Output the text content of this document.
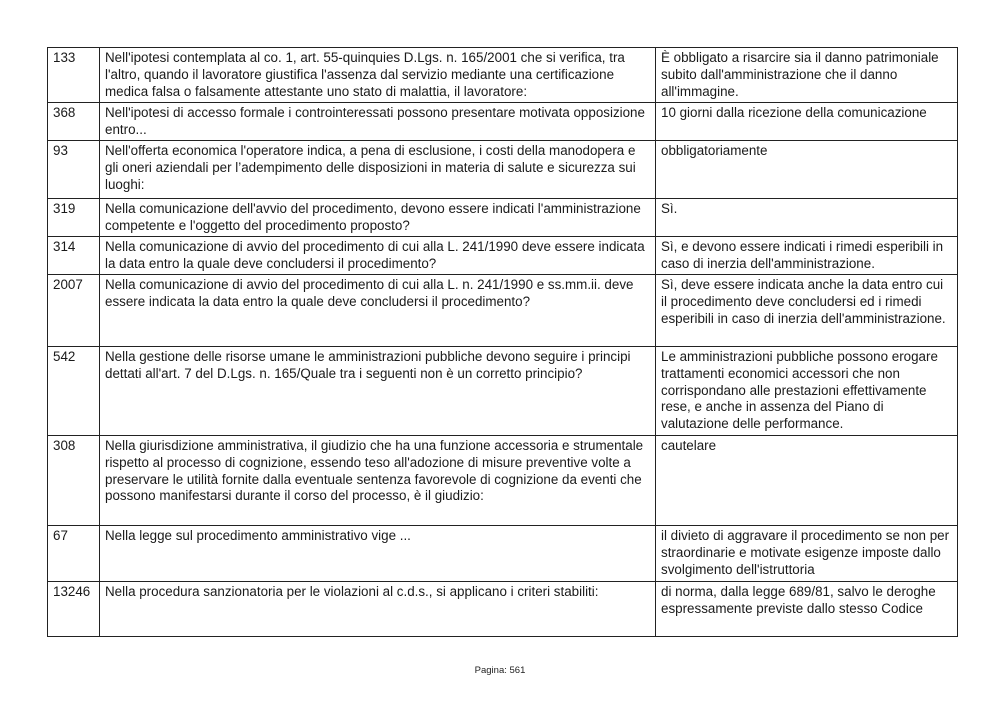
133	Nell'ipotesi contemplata al co. 1, art. 55-quinquies D.Lgs. n. 165/2001 che si verifica, tra l'altro, quando il lavoratore giustifica l'assenza dal servizio mediante una certificazione medica falsa o falsamente attestante uno stato di malattia, il lavoratore:	È obbligato a risarcire sia il danno patrimoniale subito dall'amministrazione che il danno all'immagine.
368	Nell'ipotesi di accesso formale i controinteressati possono presentare motivata opposizione entro...	10 giorni dalla ricezione della comunicazione
93	Nell'offerta economica l'operatore indica, a pena di esclusione, i costi della manodopera e gli oneri aziendali per l’adempimento delle disposizioni in materia di salute e sicurezza sui luoghi:	obbligatoriamente
319	Nella comunicazione dell'avvio del procedimento, devono essere indicati l'amministrazione competente e l'oggetto del procedimento proposto?	Sì.
314	Nella comunicazione di avvio del procedimento di cui alla L. 241/1990 deve essere indicata la data entro la quale deve concludersi il procedimento?	Sì, e devono essere indicati i rimedi esperibili in caso di inerzia dell'amministrazione.
2007	Nella comunicazione di avvio del procedimento di cui alla L. n. 241/1990 e ss.mm.ii. deve essere indicata la data entro la quale deve concludersi il procedimento?	Sì, deve essere indicata anche la data entro cui il procedimento deve concludersi ed i rimedi esperibili in caso di inerzia dell'amministrazione.
542	Nella gestione delle risorse umane le amministrazioni pubbliche devono seguire i principi dettati all'art. 7 del D.Lgs. n. 165/Quale tra i seguenti non è un corretto principio?	Le amministrazioni pubbliche possono erogare trattamenti economici accessori che non corrispondano alle prestazioni effettivamente rese, e anche in assenza del Piano di valutazione delle performance.
308	Nella giurisdizione amministrativa, il giudizio che ha una funzione accessoria e strumentale rispetto al processo di cognizione, essendo teso all'adozione di misure preventive volte a preservare le utilità fornite dalla eventuale sentenza favorevole di cognizione da eventi che possono manifestarsi durante il corso del processo, è il giudizio:	cautelare
67	Nella legge sul procedimento amministrativo vige ...	il divieto di aggravare il procedimento se non per straordinarie e motivate esigenze imposte dallo svolgimento dell'istruttoria
13246	Nella procedura sanzionatoria per le violazioni al c.d.s., si applicano i criteri stabiliti:	di norma, dalla legge 689/81, salvo le deroghe espressamente previste dallo stesso Codice
Pagina: 561
